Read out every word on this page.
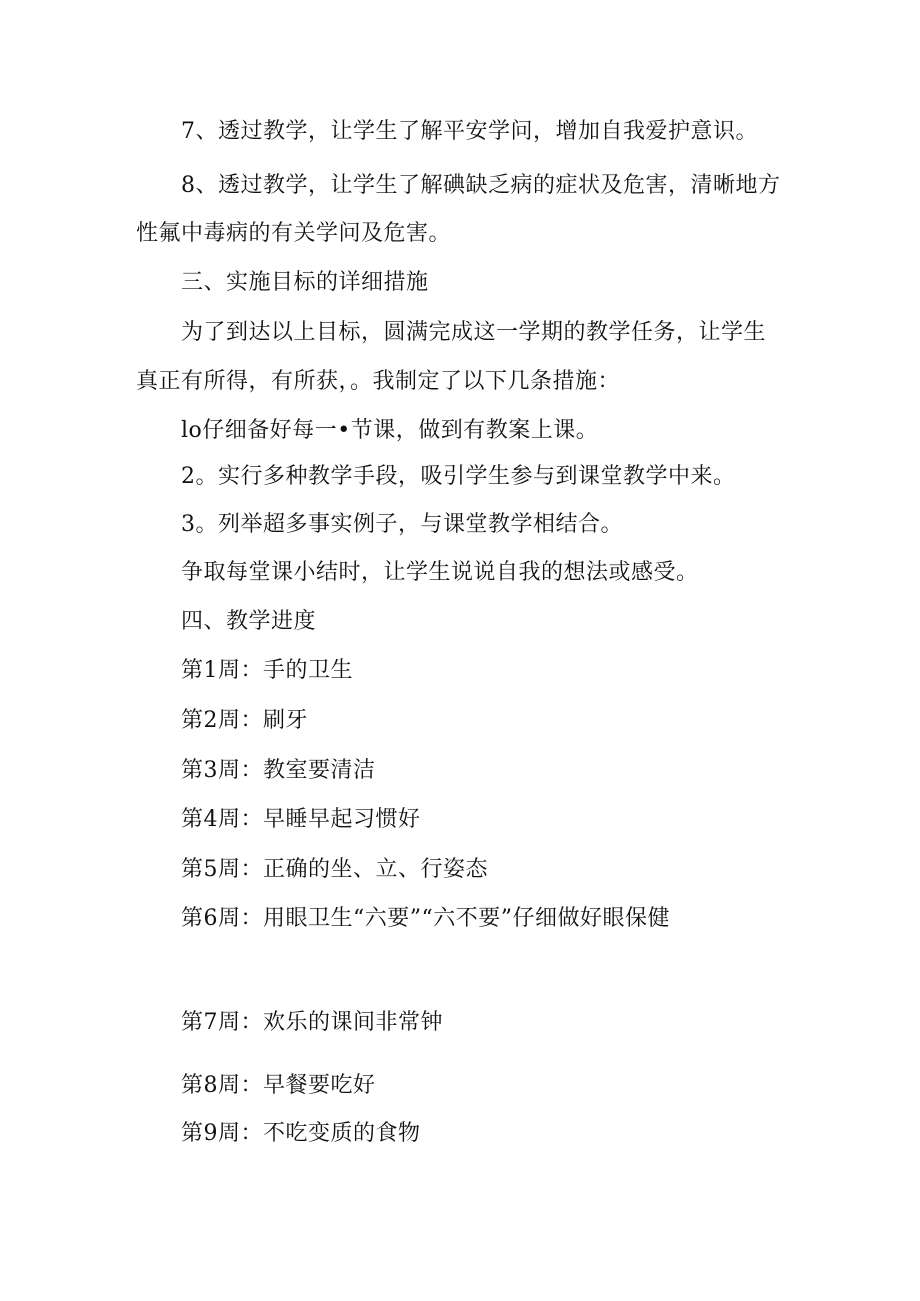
7、透过教学，让学生了解平安学问，增加自我爱护意识。
8、透过教学，让学生了解碘缺乏病的症状及危害，清晰地方
性氟中毒病的有关学问及危害。
三、实施目标的详细措施
为了到达以上目标，圆满完成这一学期的教学任务，让学生
真正有所得，有所获，。我制定了以下几条措施：
lo仔细备好每一•节课，做到有教案上课。
2。实行多种教学手段，吸引学生参与到课堂教学中来。
3。列举超多事实例子，与课堂教学相结合。
争取每堂课小结时，让学生说说自我的想法或感受。
四、教学进度
第1周：手的卫生
第2周：刷牙
第3周：教室要清洁
第4周：早睡早起习惯好
第5周：正确的坐、立、行姿态
第6周：用眼卫生“六要”“六不要”仔细做好眼保健
第7周：欢乐的课间非常钟
第8周：早餐要吃好
第9周：不吃变质的食物
